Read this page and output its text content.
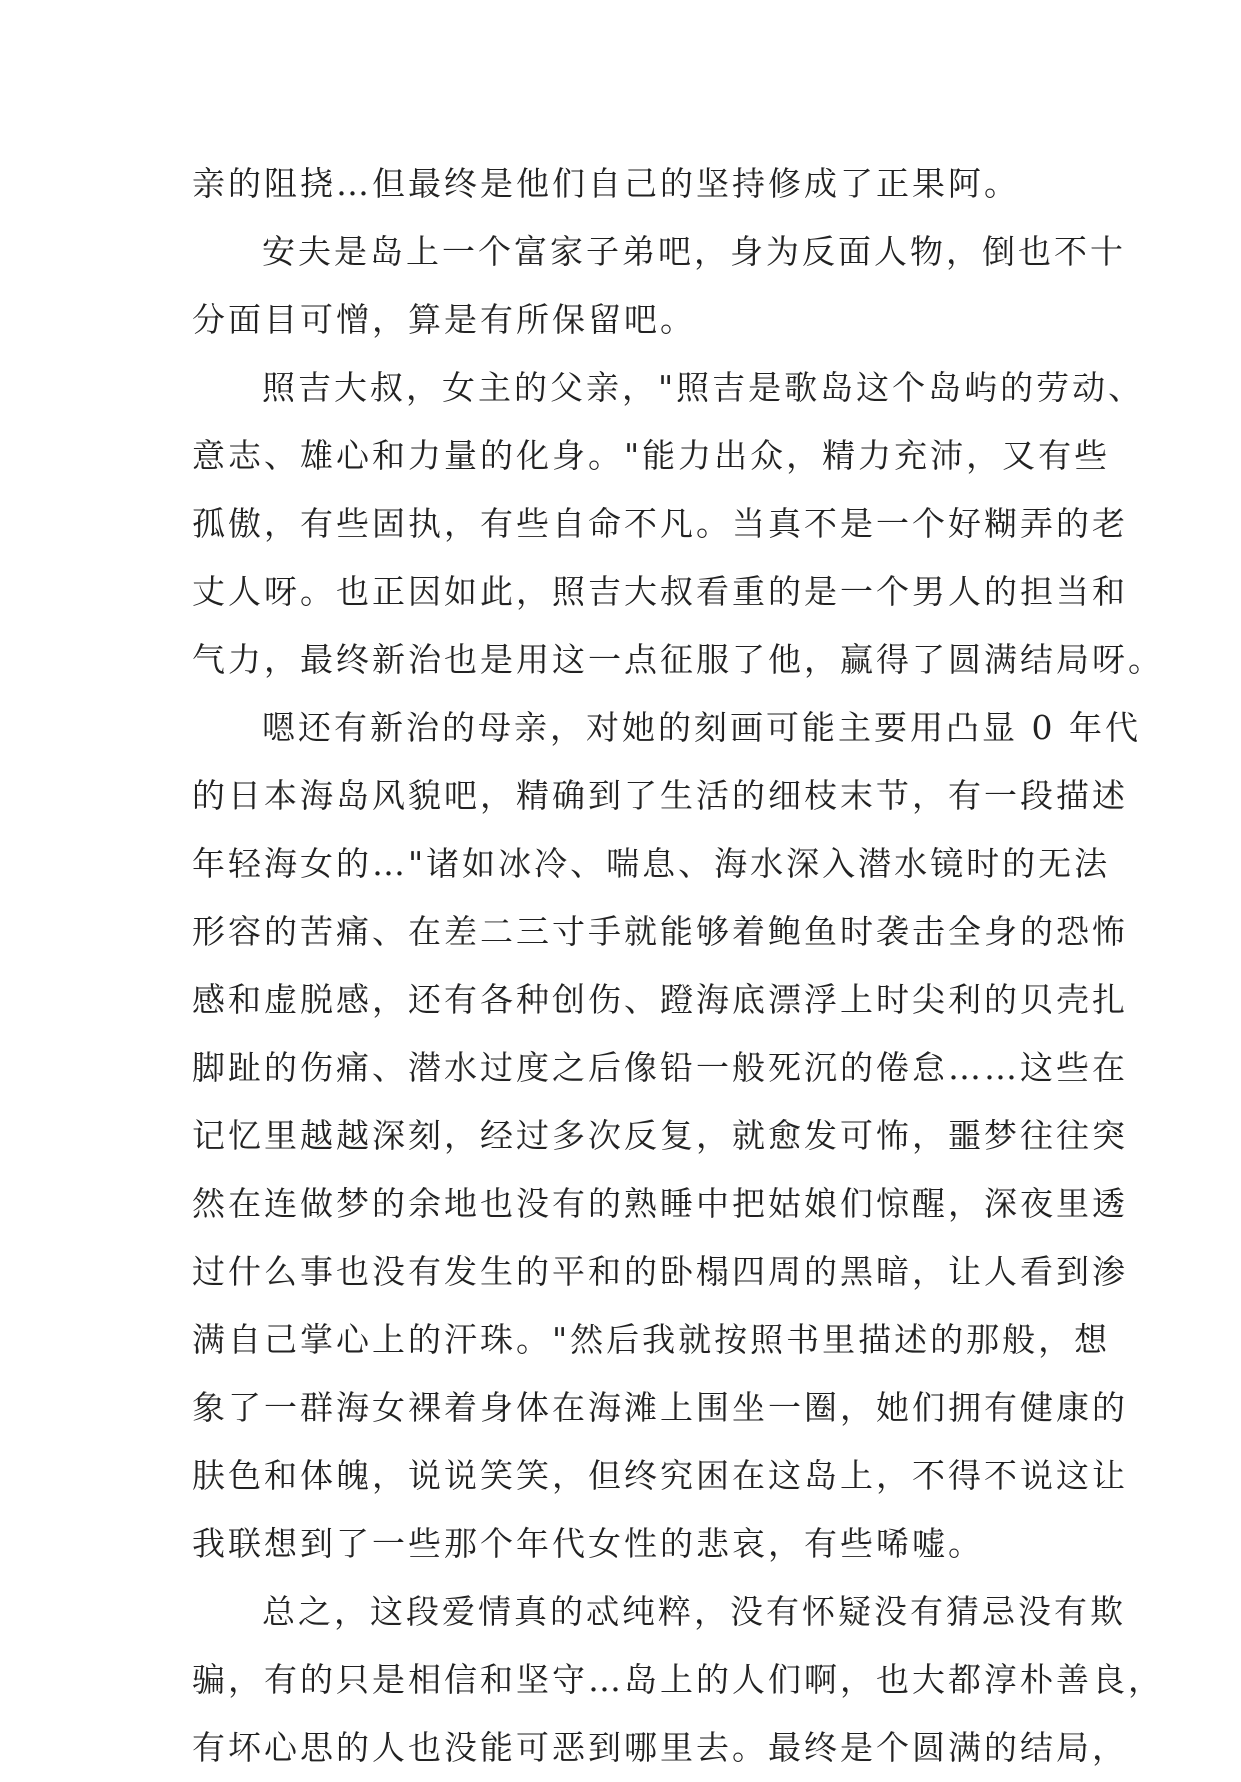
亲的阻挠…但最终是他们自己的坚持修成了正果阿。
安夫是岛上一个富家子弟吧，身为反面人物，倒也不十
分面目可憎，算是有所保留吧。
照吉大叔，女主的父亲，"照吉是歌岛这个岛屿的劳动、
意志、雄心和力量的化身。"能力出众，精力充沛，又有些
孤傲，有些固执，有些自命不凡。当真不是一个好糊弄的老
丈人呀。也正因如此，照吉大叔看重的是一个男人的担当和
气力，最终新治也是用这一点征服了他，赢得了圆满结局呀。
嗯还有新治的母亲，对她的刻画可能主要用凸显 0 年代
的日本海岛风貌吧，精确到了生活的细枝末节，有一段描述
年轻海女的…"诸如冰冷、喘息、海水深入潜水镜时的无法
形容的苦痛、在差二三寸手就能够着鲍鱼时袭击全身的恐怖
感和虚脱感，还有各种创伤、蹬海底漂浮上时尖利的贝壳扎
脚趾的伤痛、潜水过度之后像铅一般死沉的倦怠……这些在
记忆里越越深刻，经过多次反复，就愈发可怖，噩梦往往突
然在连做梦的余地也没有的熟睡中把姑娘们惊醒，深夜里透
过什么事也没有发生的平和的卧榻四周的黑暗，让人看到渗
满自己掌心上的汗珠。"然后我就按照书里描述的那般，想
象了一群海女裸着身体在海滩上围坐一圈，她们拥有健康的
肤色和体魄，说说笑笑，但终究困在这岛上，不得不说这让
我联想到了一些那个年代女性的悲哀，有些唏嘘。
总之，这段爱情真的忒纯粹，没有怀疑没有猜忌没有欺
骗，有的只是相信和坚守…岛上的人们啊，也大都淳朴善良，
有坏心思的人也没能可恶到哪里去。最终是个圆满的结局，
